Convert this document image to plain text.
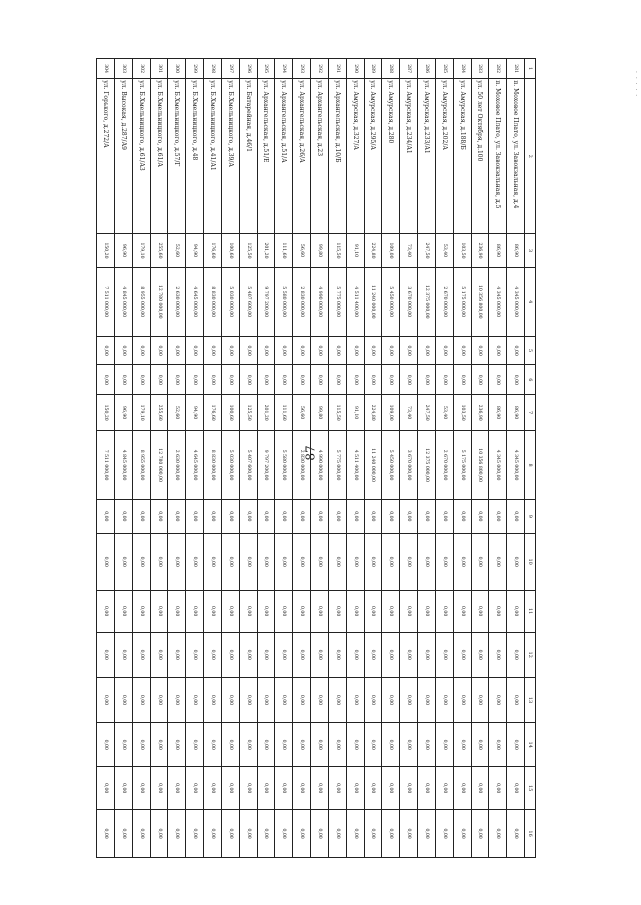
· · · · ·
87
1	2	3	4	5	6	7	8	9	10	11	12	13	14	15	16
281	п. Моховое Плато, ул. Завокзальная, д.4	86,90	4 345 000,00	0,00	0,00	86,90	4 345 000,00	0,00	0,00	0,00	0,00	0,00	0,00	0,00	0,00
282	п. Моховое Плато, ул. Завокзальная, д.5	86,90	4 345 000,00	0,00	0,00	86,90	4 345 000,00	0,00	0,00	0,00	0,00	0,00	0,00	0,00	0,00
283	ул. 50 лет Октября, д.100	236,90	10 356 800,00	0,00	0,00	236,90	10 356 800,00	0,00	0,00	0,00	0,00	0,00	0,00	0,00	0,00
284	ул. Амурская, д.188/Б	103,50	5 175 000,00	0,00	0,00	103,50	5 175 000,00	0,00	0,00	0,00	0,00	0,00	0,00	0,00	0,00
285	ул. Амурская, д.202/А	53,40	2 670 000,00	0,00	0,00	53,40	2 670 000,00	0,00	0,00	0,00	0,00	0,00	0,00	0,00	0,00
286	ул. Амурская, д.233/А1	247,50	12 375 000,00	0,00	0,00	247,50	12 375 000,00	0,00	0,00	0,00	0,00	0,00	0,00	0,00	0,00
287	ул. Амурская, д.234/А1	73,40	3 670 000,00	0,00	0,00	73,40	3 670 000,00	0,00	0,00	0,00	0,00	0,00	0,00	0,00	0,00
288	ул. Амурская, д.280	109,00	5 450 000,00	0,00	0,00	109,00	5 450 000,00	0,00	0,00	0,00	0,00	0,00	0,00	0,00	0,00
289	ул. Амурская, д.295/А	224,80	11 240 000,00	0,00	0,00	224,80	11 240 000,00	0,00	0,00	0,00	0,00	0,00	0,00	0,00	0,00
290	ул. Амурская, д.327/А	91,10	4 511 400,00	0,00	0,00	91,10	4 511 400,00	0,00	0,00	0,00	0,00	0,00	0,00	0,00	0,00
291	ул. Архангельская, д.10/Б	115,50	5 775 000,00	0,00	0,00	115,50	5 775 000,00	0,00	0,00	0,00	0,00	0,00	0,00	0,00	0,00
292	ул. Архангельская, д.23	99,80	4 990 000,00	0,00	0,00	99,80	4 990 000,00	0,00	0,00	0,00	0,00	0,00	0,00	0,00	0,00
293	ул. Архангельская, д.26/А	56,60	2 830 000,00	0,00	0,00	56,60	2 830 000,00	0,00	0,00	0,00	0,00	0,00	0,00	0,00	0,00
294	ул. Архангельская, д.51/А	111,60	5 580 000,00	0,00	0,00	111,60	5 580 000,00	0,00	0,00	0,00	0,00	0,00	0,00	0,00	0,00
295	ул. Архангельская, д.51/Е	201,20	9 797 200,00	0,00	0,00	201,20	9 797 200,00	0,00	0,00	0,00	0,00	0,00	0,00	0,00	0,00
296	ул. Батарейная, д.46/1	125,50	5 407 600,00	0,00	0,00	125,50	5 407 600,00	0,00	0,00	0,00	0,00	0,00	0,00	0,00	0,00
297	ул. Б.Хмельницкого, д.39/А	100,60	5 030 000,00	0,00	0,00	100,60	5 030 000,00	0,00	0,00	0,00	0,00	0,00	0,00	0,00	0,00
298	ул. Б.Хмельницкого, д.41/А1	176,60	8 830 000,00	0,00	0,00	176,60	8 830 000,00	0,00	0,00	0,00	0,00	0,00	0,00	0,00	0,00
299	ул. Б.Хмельницкого, д.48	94,90	4 645 000,00	0,00	0,00	94,90	4 645 000,00	0,00	0,00	0,00	0,00	0,00	0,00	0,00	0,00
300	ул. Б.Хмельницкого, д.57/Г	52,60	2 630 000,00	0,00	0,00	52,60	2 630 000,00	0,00	0,00	0,00	0,00	0,00	0,00	0,00	0,00
301	ул. Б.Хмельницкого, д.61/А	255,60	12 780 000,00	0,00	0,00	255,60	12 780 000,00	0,00	0,00	0,00	0,00	0,00	0,00	0,00	0,00
302	ул. Б.Хмельницкого, д.61/А3	179,10	8 955 000,00	0,00	0,00	179,10	8 955 000,00	0,00	0,00	0,00	0,00	0,00	0,00	0,00	0,00
303	ул. Высокая, д.287/А9	96,90	4 845 000,00	0,00	0,00	96,90	4 845 000,00	0,00	0,00	0,00	0,00	0,00	0,00	0,00	0,00
304	ул. Горького, д.272/А	150,20	7 511 000,00	0,00	0,00	150,20	7 511 000,00	0,00	0,00	0,00	0,00	0,00	0,00	0,00	0,00
